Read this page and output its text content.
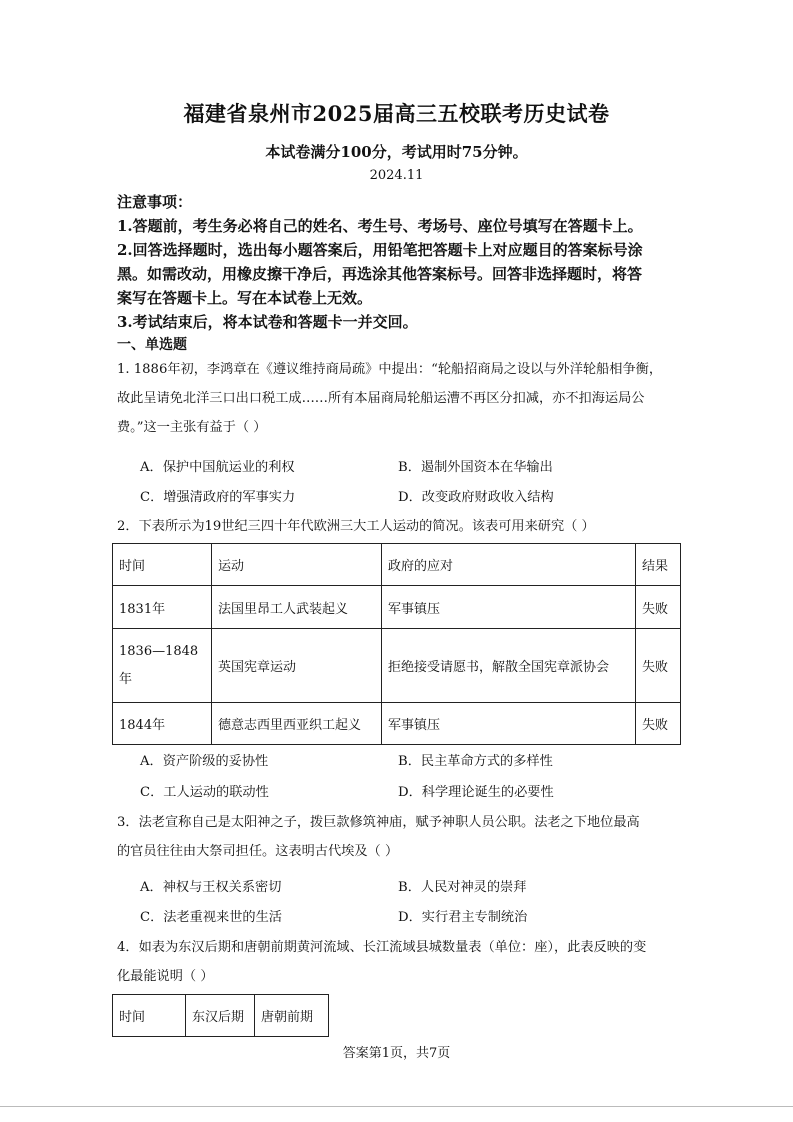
福建省泉州市2025届高三五校联考历史试卷
本试卷满分100分，考试用时75分钟。
2024.11
注意事项：
1.答题前，考生务必将自己的姓名、考生号、考场号、座位号填写在答题卡上。
2.回答选择题时，选出每小题答案后，用铅笔把答题卡上对应题目的答案标号涂
黑。如需改动，用橡皮擦干净后，再选涂其他答案标号。回答非选择题时，将答
案写在答题卡上。写在本试卷上无效。
3.考试结束后，将本试卷和答题卡一并交回。
一、单选题
1. 1886年初，李鸿章在《遵议维持商局疏》中提出：“轮船招商局之设以与外洋轮船相争衡，
故此呈请免北洋三口出口税工成……所有本届商局轮船运漕不再区分扣减，亦不扣海运局公
费。”这一主张有益于（ ）
A．保护中国航运业的利权	B．遏制外国资本在华输出
C．增强清政府的军事实力	D．改变政府财政收入结构
2．下表所示为19世纪三四十年代欧洲三大工人运动的简况。该表可用来研究（ ）
时间	运动	政府的应对	结果
1831年	法国里昂工人武装起义	军事镇压	失败
1836—1848年	英国宪章运动	拒绝接受请愿书，解散全国宪章派协会	失败
1844年	德意志西里西亚织工起义	军事镇压	失败
A．资产阶级的妥协性	B．民主革命方式的多样性
C．工人运动的联动性	D．科学理论诞生的必要性
3．法老宣称自己是太阳神之子，拨巨款修筑神庙，赋予神职人员公职。法老之下地位最高
的官员往往由大祭司担任。这表明古代埃及（ ）
A．神权与王权关系密切	B．人民对神灵的崇拜
C．法老重视来世的生活	D．实行君主专制统治
4．如表为东汉后期和唐朝前期黄河流域、长江流域县城数量表（单位：座），此表反映的变
化最能说明（ ）
时间	东汉后期	唐朝前期
答案第1页，共7页
